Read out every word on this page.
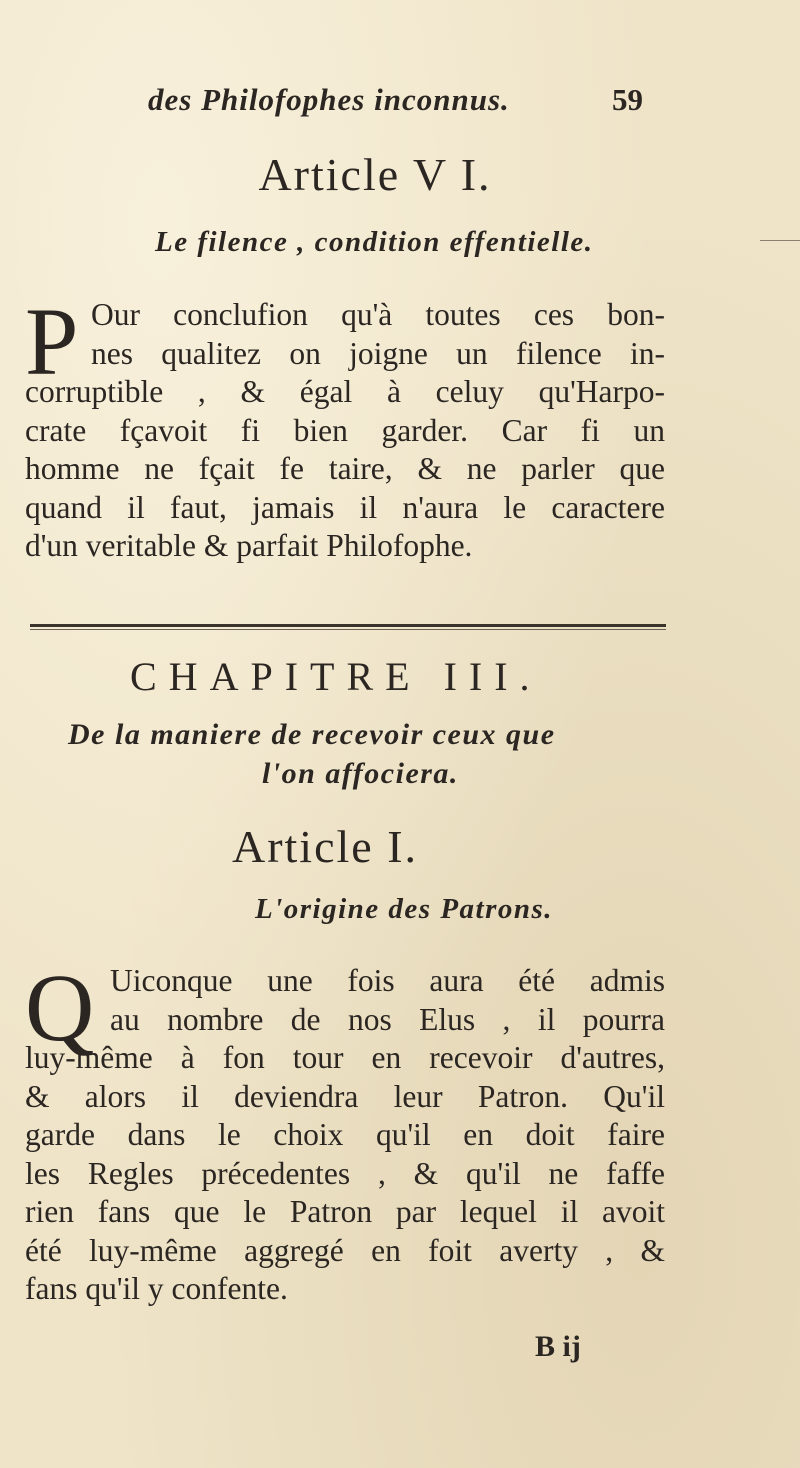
des Philofophes inconnus.	59
Article V I.
Le filence , condition effentielle.
P Our conclufion qu'à toutes ces bon-
nes qualitez on joigne un filence in-
corruptible , & égal à celuy qu'Harpo-
crate fçavoit fi bien garder. Car fi un
homme ne fçait fe taire, & ne parler que
quand il faut, jamais il n'aura le caractere
d'un veritable & parfait Philofophe.
CHAPITRE III.
De la maniere de recevoir ceux que
l'on affociera.
Article I.
L'origine des Patrons.
Q Uiconque une fois aura été admis
au nombre de nos Elus , il pourra
luy-même à fon tour en recevoir d'autres,
& alors il deviendra leur Patron. Qu'il
garde dans le choix qu'il en doit faire
les Regles précedentes , & qu'il ne faffe
rien fans que le Patron par lequel il avoit
été luy-même aggregé en foit averty , &
fans qu'il y confente.
B ij
